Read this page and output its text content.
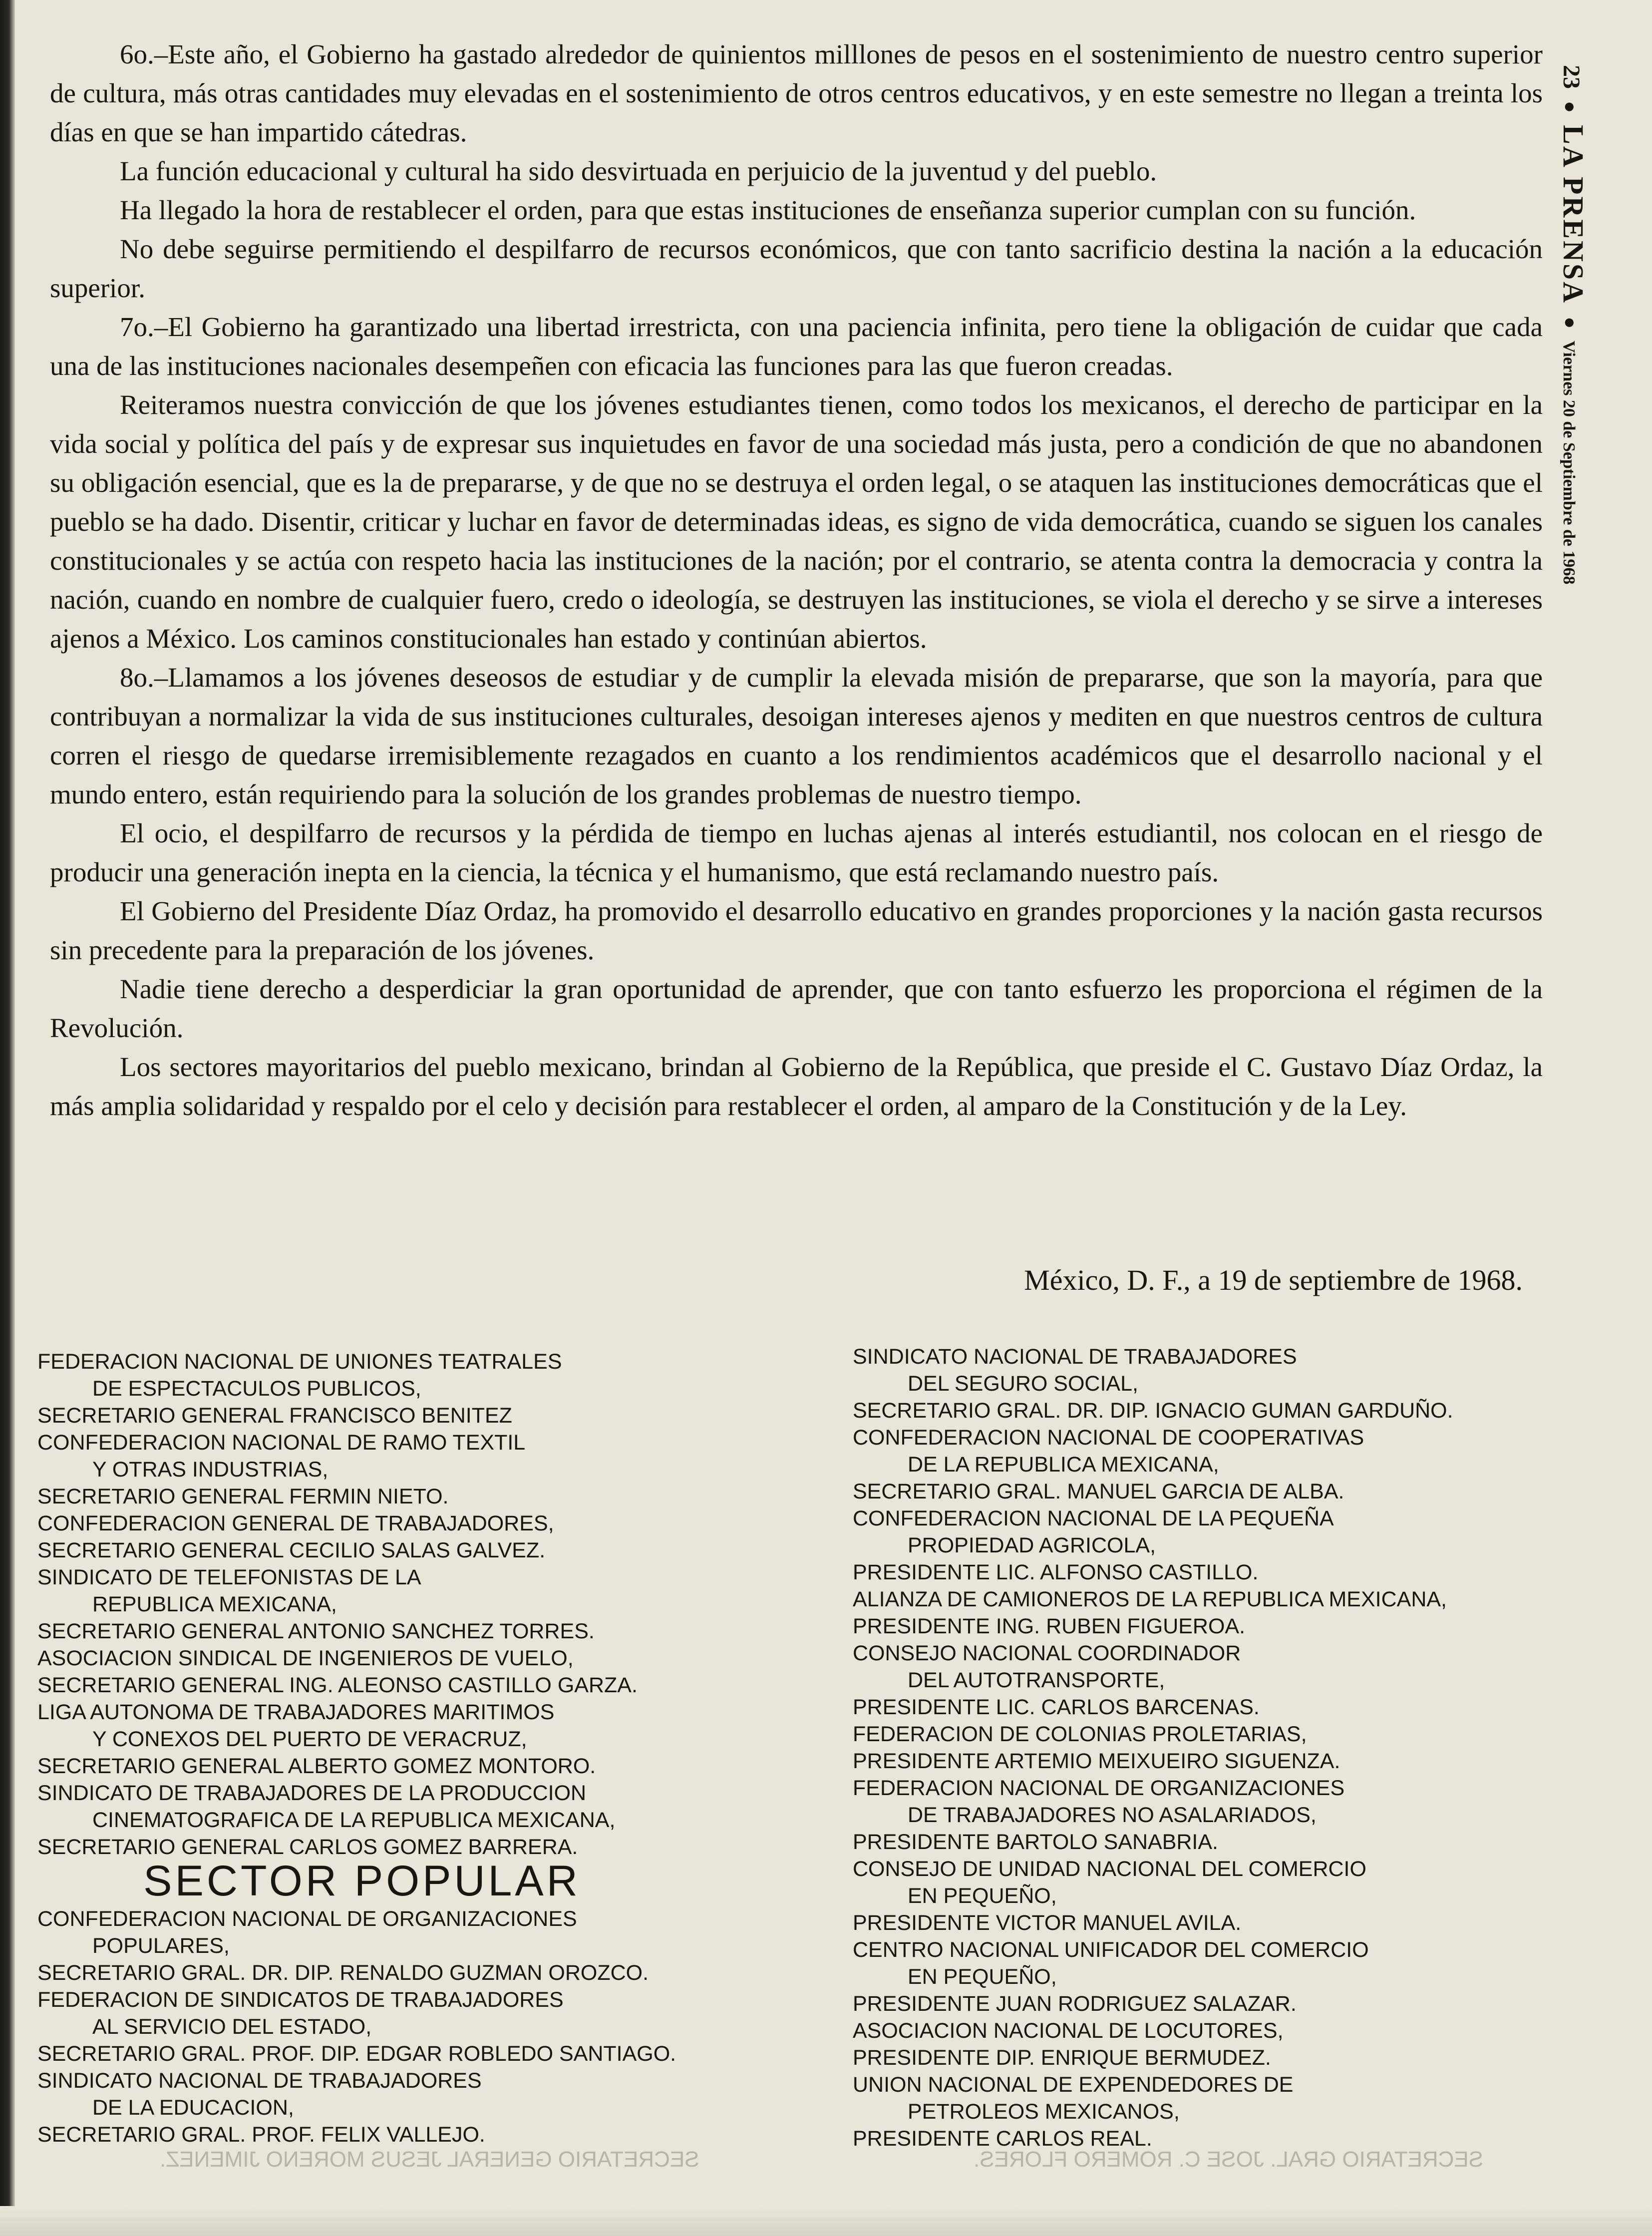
23
●
LA PRENSA
●
Viernes 20 de Septiembre de 1968

6o.–Este año, el Gobierno ha gastado alrededor de quinientos milllones de pesos en el sostenimiento de nuestro centro superior de cultura, más otras cantidades muy elevadas en el sostenimiento de otros centros educativos, y en este semestre no llegan a treinta los días en que se han impartido cátedras.

La función educacional y cultural ha sido desvirtuada en perjuicio de la juventud y del pueblo.

Ha llegado la hora de restablecer el orden, para que estas instituciones de enseñanza superior cumplan con su función.

No debe seguirse permitiendo el despilfarro de recursos económicos, que con tanto sacrificio destina la nación a la educación superior.

7o.–El Gobierno ha garantizado una libertad irrestricta, con una paciencia infinita, pero tiene la obligación de cuidar que cada una de las instituciones nacionales desempeñen con eficacia las funciones para las que fueron creadas.

Reiteramos nuestra convicción de que los jóvenes estudiantes tienen, como todos los mexicanos, el derecho de participar en la vida social y política del país y de expresar sus inquietudes en favor de una sociedad más justa, pero a condición de que no abandonen su obligación esencial, que es la de prepararse, y de que no se destruya el orden legal, o se ataquen las instituciones democráticas que el pueblo se ha dado. Disentir, criticar y luchar en favor de determinadas ideas, es signo de vida democrática, cuando se siguen los canales constitucionales y se actúa con respeto hacia las instituciones de la nación; por el contrario, se atenta contra la democracia y contra la nación, cuando en nombre de cualquier fuero, credo o ideología, se destruyen las instituciones, se viola el derecho y se sirve a intereses ajenos a México. Los caminos constitucionales han estado y continúan abiertos.

8o.–Llamamos a los jóvenes deseosos de estudiar y de cumplir la elevada misión de prepararse, que son la mayoría, para que contribuyan a normalizar la vida de sus instituciones culturales, desoigan intereses ajenos y mediten en que nuestros centros de cultura corren el riesgo de quedarse irremisiblemente rezagados en cuanto a los rendimientos académicos que el desarrollo nacional y el mundo entero, están requiriendo para la solución de los grandes problemas de nuestro tiempo.

El ocio, el despilfarro de recursos y la pérdida de tiempo en luchas ajenas al interés estudiantil, nos colocan en el riesgo de producir una generación inepta en la ciencia, la técnica y el humanismo, que está reclamando nuestro país.

El Gobierno del Presidente Díaz Ordaz, ha promovido el desarrollo educativo en grandes proporciones y la nación gasta recursos sin precedente para la preparación de los jóvenes.

Nadie tiene derecho a desperdiciar la gran oportunidad de aprender, que con tanto esfuerzo les proporciona el régimen de la Revolución.

Los sectores mayoritarios del pueblo mexicano, brindan al Gobierno de la República, que preside el C. Gustavo Díaz Ordaz, la más amplia solidaridad y respaldo por el celo y decisión para restablecer el orden, al amparo de la Constitución y de la Ley.

México, D. F., a 19 de septiembre de 1968.
FEDERACION NACIONAL DE UNIONES TEATRALES
DE ESPECTACULOS PUBLICOS,
SECRETARIO GENERAL FRANCISCO BENITEZ
CONFEDERACION NACIONAL DE RAMO TEXTIL
Y OTRAS INDUSTRIAS,
SECRETARIO GENERAL FERMIN NIETO.
CONFEDERACION GENERAL DE TRABAJADORES,
SECRETARIO GENERAL CECILIO SALAS GALVEZ.
SINDICATO DE TELEFONISTAS DE LA
REPUBLICA MEXICANA,
SECRETARIO GENERAL ANTONIO SANCHEZ TORRES.
ASOCIACION SINDICAL DE INGENIEROS DE VUELO,
SECRETARIO GENERAL ING. ALEONSO CASTILLO GARZA.
LIGA AUTONOMA DE TRABAJADORES MARITIMOS
Y CONEXOS DEL PUERTO DE VERACRUZ,
SECRETARIO GENERAL ALBERTO GOMEZ MONTORO.
SINDICATO DE TRABAJADORES DE LA PRODUCCION
CINEMATOGRAFICA DE LA REPUBLICA MEXICANA,
SECRETARIO GENERAL CARLOS GOMEZ BARRERA.
SECTOR POPULAR
CONFEDERACION NACIONAL DE ORGANIZACIONES
POPULARES,
SECRETARIO GRAL. DR. DIP. RENALDO GUZMAN OROZCO.
FEDERACION DE SINDICATOS DE TRABAJADORES
AL SERVICIO DEL ESTADO,
SECRETARIO GRAL. PROF. DIP. EDGAR ROBLEDO SANTIAGO.
SINDICATO NACIONAL DE TRABAJADORES
DE LA EDUCACION,
SECRETARIO GRAL. PROF. FELIX VALLEJO.
SINDICATO NACIONAL DE TRABAJADORES
DEL SEGURO SOCIAL,
SECRETARIO GRAL. DR. DIP. IGNACIO GUMAN GARDUÑO.
CONFEDERACION NACIONAL DE COOPERATIVAS
DE LA REPUBLICA MEXICANA,
SECRETARIO GRAL. MANUEL GARCIA DE ALBA.
CONFEDERACION NACIONAL DE LA PEQUEÑA
PROPIEDAD AGRICOLA,
PRESIDENTE LIC. ALFONSO CASTILLO.
ALIANZA DE CAMIONEROS DE LA REPUBLICA MEXICANA,
PRESIDENTE ING. RUBEN FIGUEROA.
CONSEJO NACIONAL COORDINADOR
DEL AUTOTRANSPORTE,
PRESIDENTE LIC. CARLOS BARCENAS.
FEDERACION DE COLONIAS PROLETARIAS,
PRESIDENTE ARTEMIO MEIXUEIRO SIGUENZA.
FEDERACION NACIONAL DE ORGANIZACIONES
DE TRABAJADORES NO ASALARIADOS,
PRESIDENTE BARTOLO SANABRIA.
CONSEJO DE UNIDAD NACIONAL DEL COMERCIO
EN PEQUEÑO,
PRESIDENTE VICTOR MANUEL AVILA.
CENTRO NACIONAL UNIFICADOR DEL COMERCIO
EN PEQUEÑO,
PRESIDENTE JUAN RODRIGUEZ SALAZAR.
ASOCIACION NACIONAL DE LOCUTORES,
PRESIDENTE DIP. ENRIQUE BERMUDEZ.
UNION NACIONAL DE EXPENDEDORES DE
PETROLEOS MEXICANOS,
PRESIDENTE CARLOS REAL.
SECRETARIO GENERAL JESUS MORENO JIMENEZ.	SECRETARIO GRAL. JOSE C. ROMERO FLORES.
